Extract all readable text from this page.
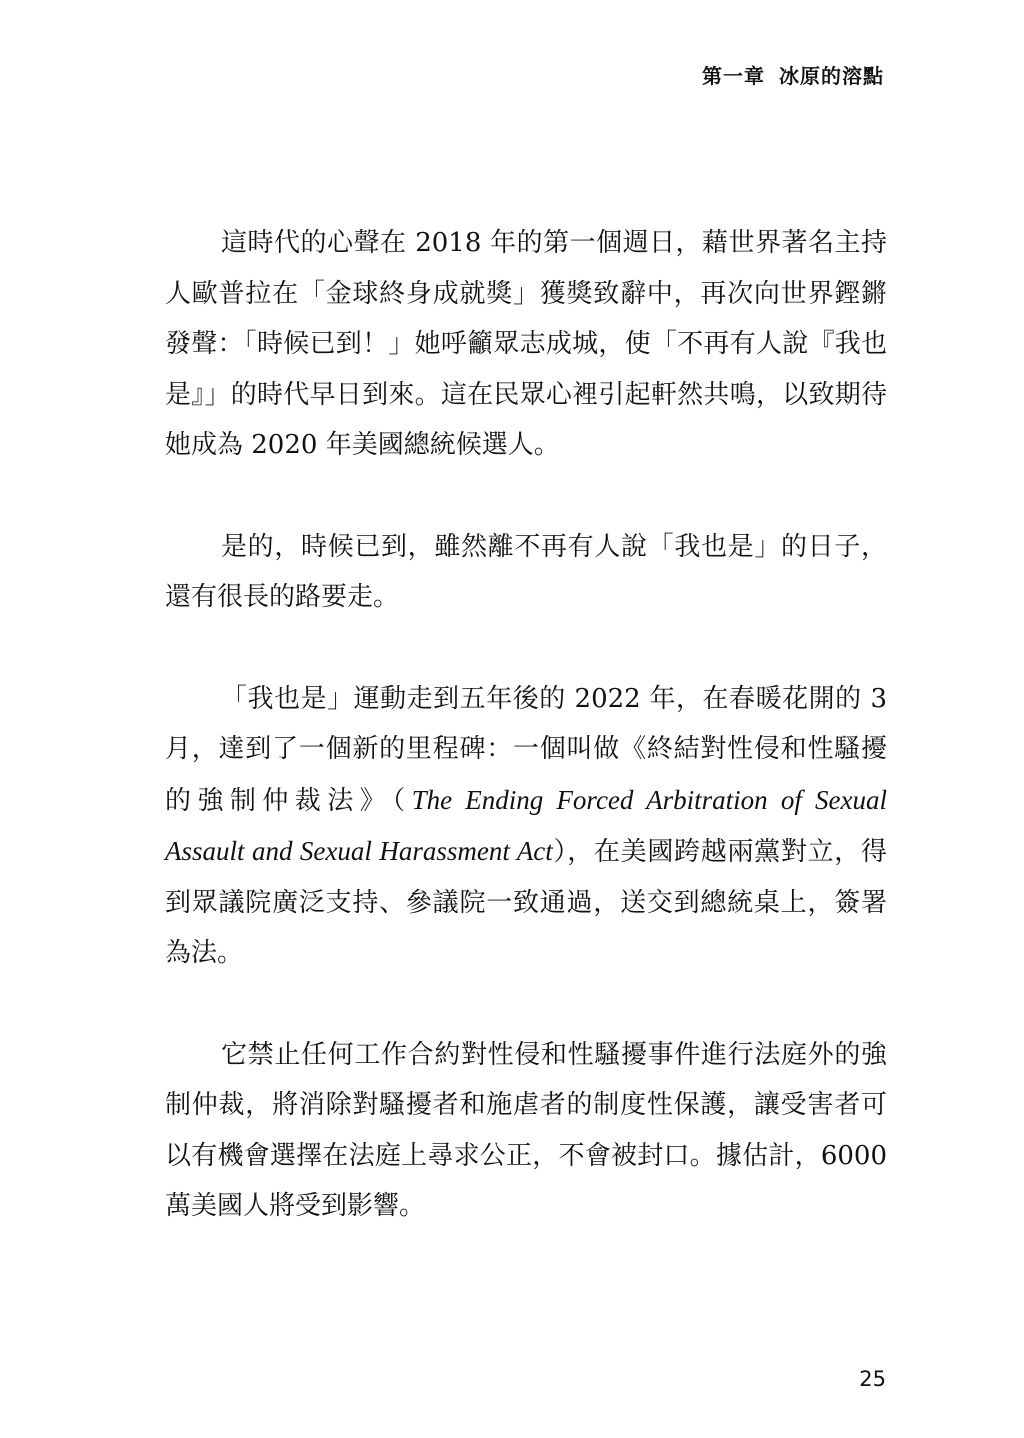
第一章 冰原的溶點

這時代的心聲在 2018 年的第一個週日，藉世界著名主持人歐普拉在「金球終身成就獎」獲獎致辭中，再次向世界鏗鏘發聲：「時候已到！」她呼籲眾志成城，使「不再有人說『我也是』」的時代早日到來。這在民眾心裡引起軒然共鳴，以致期待她成為 2020 年美國總統候選人。

是的，時候已到，雖然離不再有人說「我也是」的日子，還有很長的路要走。

「我也是」運動走到五年後的 2022 年，在春暖花開的 3 月，達到了一個新的里程碑：一個叫做《終結對性侵和性騷擾的強制仲裁法》（The Ending Forced Arbitration of Sexual Assault and Sexual Harassment Act），在美國跨越兩黨對立，得到眾議院廣泛支持、參議院一致通過，送交到總統桌上，簽署為法。

它禁止任何工作合約對性侵和性騷擾事件進行法庭外的強制仲裁，將消除對騷擾者和施虐者的制度性保護，讓受害者可以有機會選擇在法庭上尋求公正，不會被封口。據估計，6000 萬美國人將受到影響。

25
